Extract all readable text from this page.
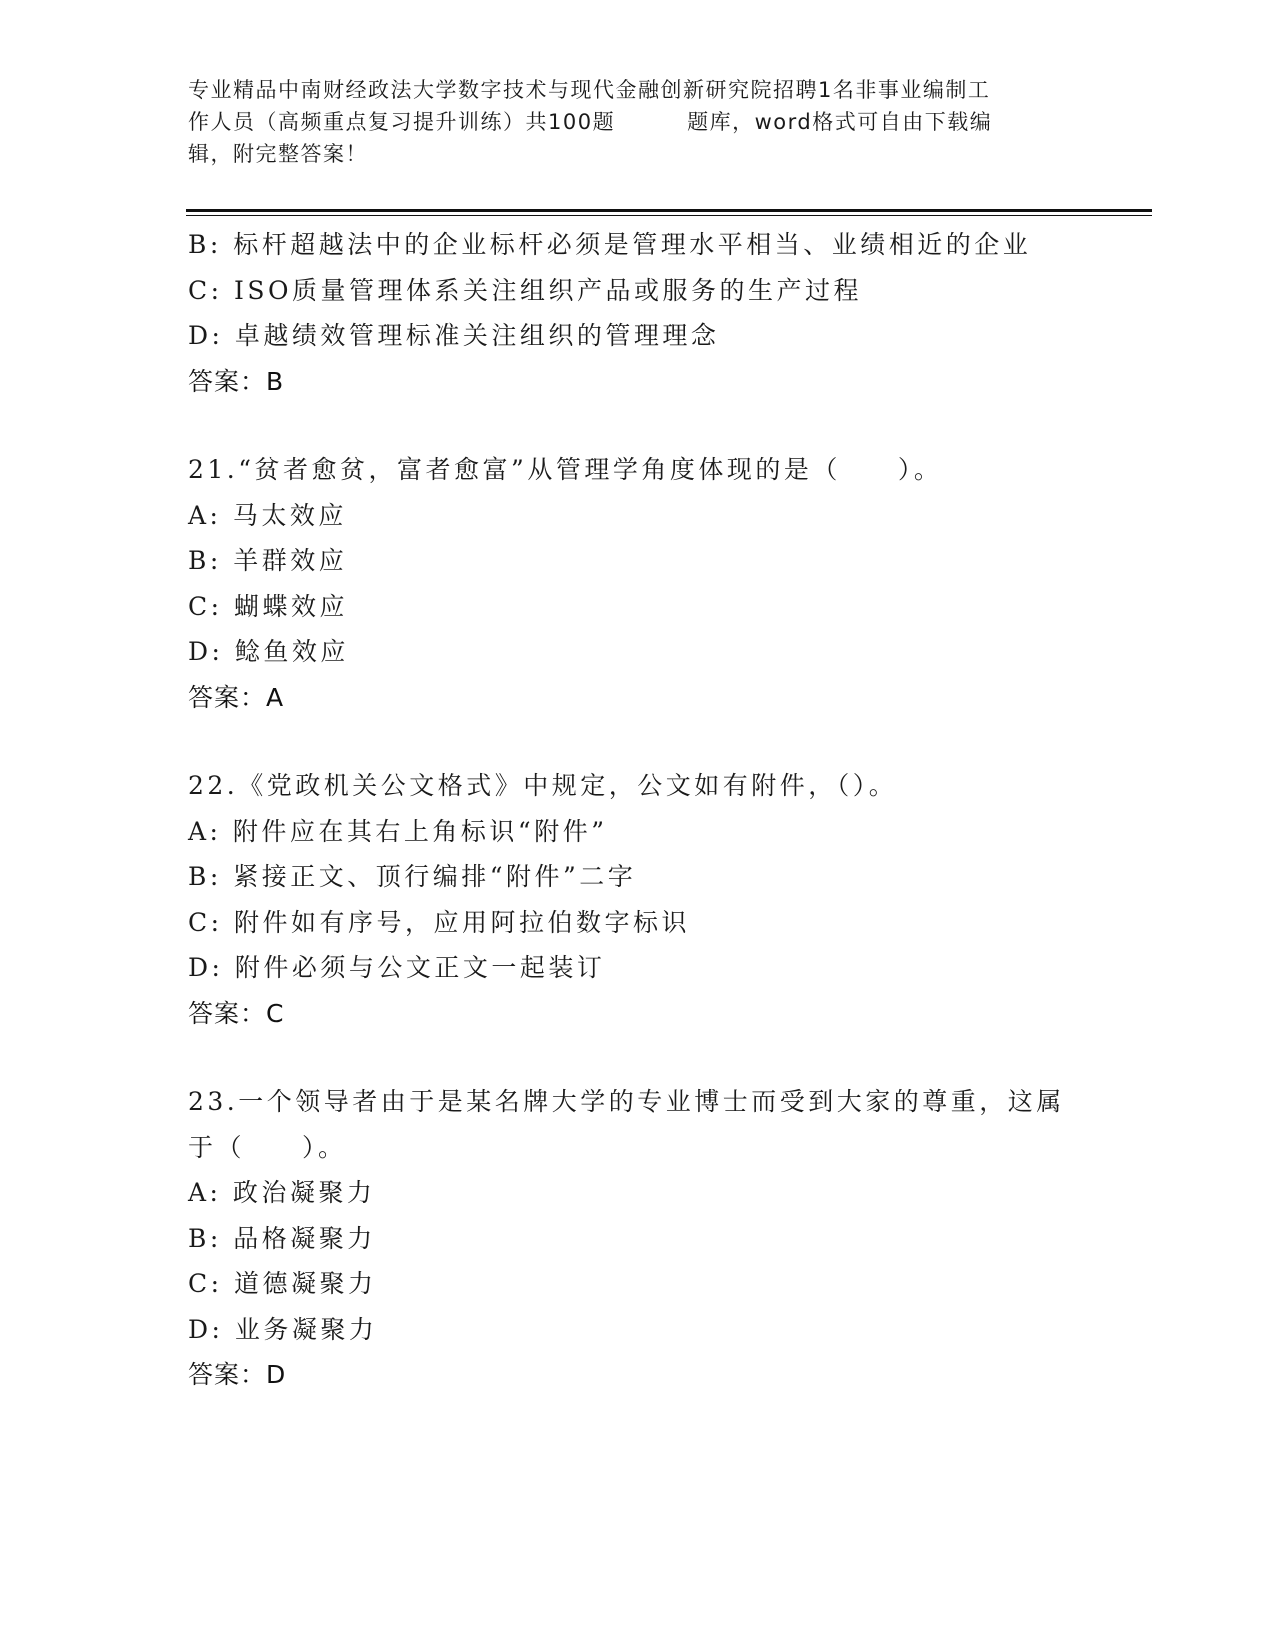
专业精品中南财经政法大学数字技术与现代金融创新研究院招聘1名非事业编制工
作人员（高频重点复习提升训练）共100题	题库，word格式可自由下载编
辑，附完整答案！
B: 标杆超越法中的企业标杆必须是管理水平相当、业绩相近的企业
C: ISO质量管理体系关注组织产品或服务的生产过程
D: 卓越绩效管理标准关注组织的管理理念
答案：B
21.“贫者愈贫，富者愈富”从管理学角度体现的是（　　）。
A: 马太效应
B: 羊群效应
C: 蝴蝶效应
D: 鲶鱼效应
答案：A
22.《党政机关公文格式》中规定，公文如有附件，（）。
A: 附件应在其右上角标识“附件”
B: 紧接正文、顶行编排“附件”二字
C: 附件如有序号，应用阿拉伯数字标识
D: 附件必须与公文正文一起装订
答案：C
23.一个领导者由于是某名牌大学的专业博士而受到大家的尊重，这属
于（　　）。
A: 政治凝聚力
B: 品格凝聚力
C: 道德凝聚力
D: 业务凝聚力
答案：D
